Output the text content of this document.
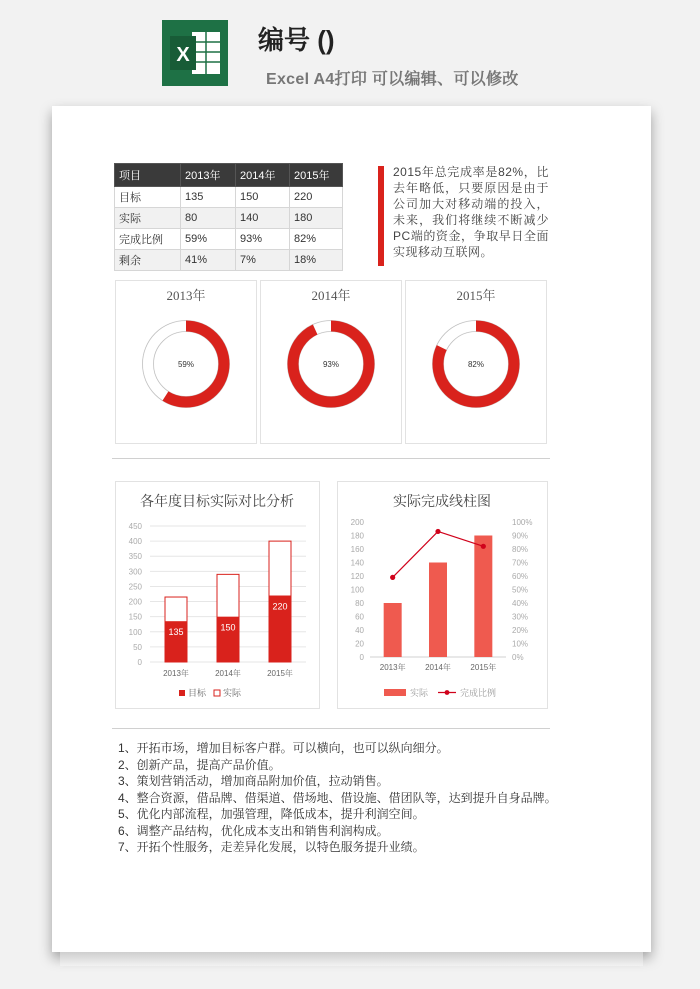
X	编号 ()
Excel A4打印 可以编辑、可以修改
项目	2013年	2014年	2015年
目标	135	150	220
实际	80	140	180
完成比例	59%	93%	82%
剩余	41%	7%	18%
2015年总完成率是82%，比去年略低，只要原因是由于公司加大对移动端的投入，未来，我们将继续不断减少PC端的资金，争取早日全面实现移动互联网。
2013年
59%
2014年
93%
2015年
82%
各年度目标实际对比分析
450
400
350
300
250
200
150
100
50
0
135
2013年
150
2014年
220
2015年
目标 实际
实际完成线柱图
200
180
160
140
120
100
80
60
40
20
0
100%
90%
80%
70%
60%
50%
40%
30%
20%
10%
0%
2013年 2014年 2015年
实际	完成比例
1、开拓市场，增加目标客户群。可以横向，也可以纵向细分。
2、创新产品，提高产品价值。
3、策划营销活动，增加商品附加价值，拉动销售。
4、整合资源，借品牌、借渠道、借场地、借设施、借团队等，达到提升自身品牌。
5、优化内部流程，加强管理，降低成本，提升利润空间。
6、调整产品结构，优化成本支出和销售利润构成。
7、开拓个性服务，走差异化发展，以特色服务提升业绩。
